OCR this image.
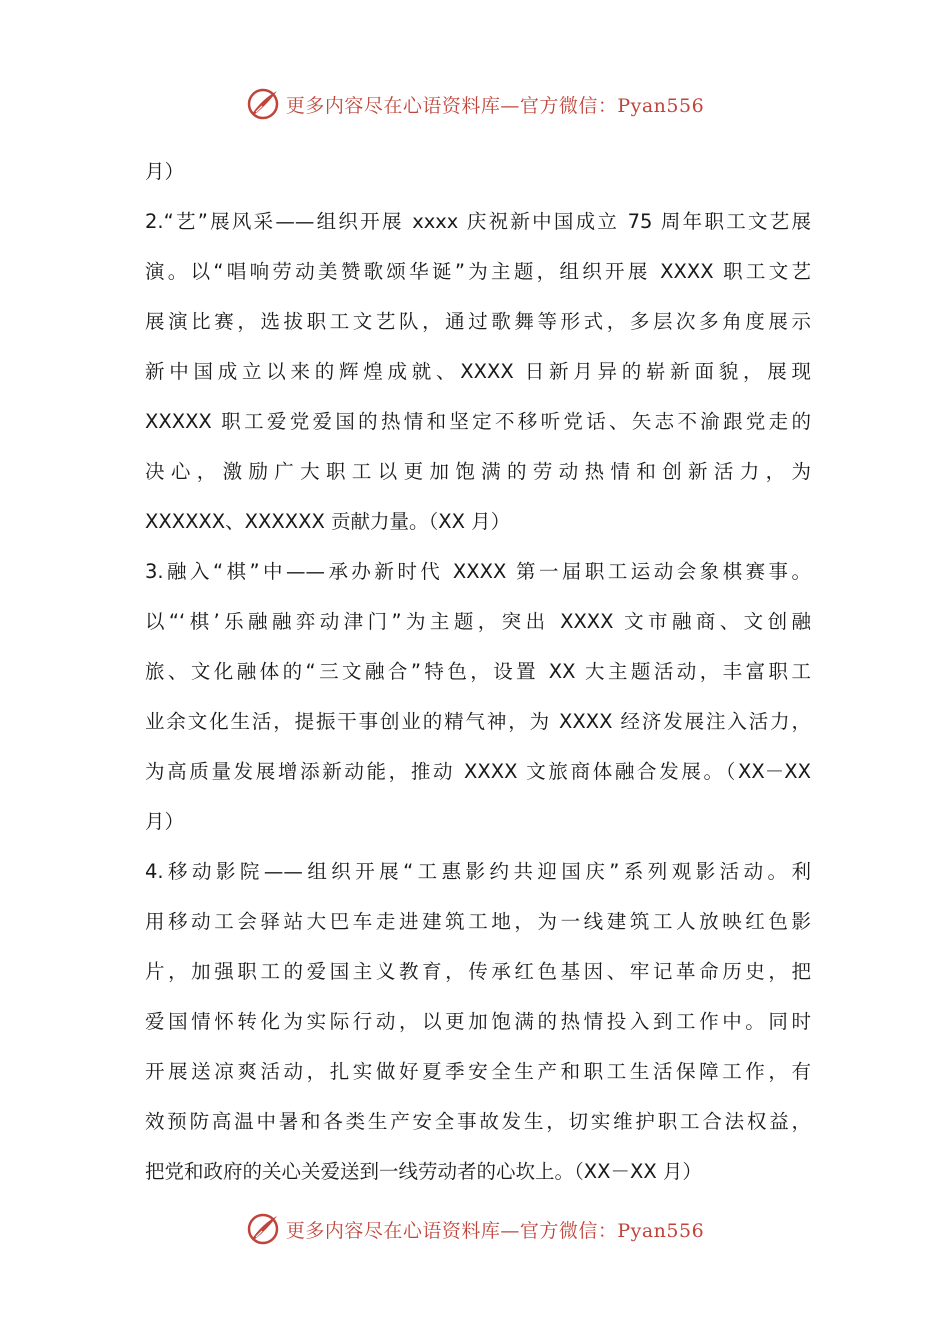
更多内容尽在心语资料库—官方微信：Pyan556
月）
2.“艺”展风采——组织开展 xxxx 庆祝新中国成立 75 周年职工文艺展
演。以“唱响劳动美赞歌颂华诞”为主题，组织开展 XXXX 职工文艺
展演比赛，选拔职工文艺队，通过歌舞等形式，多层次多角度展示
新中国成立以来的辉煌成就、XXXX 日新月异的崭新面貌，展现
XXXXX 职工爱党爱国的热情和坚定不移听党话、矢志不渝跟党走的
决心，激励广大职工以更加饱满的劳动热情和创新活力，为
XXXXXX、XXXXXX 贡献力量。（XX 月）
3.融入“棋”中——承办新时代 XXXX 第一届职工运动会象棋赛事。
以“‘棋’乐融融弈动津门”为主题，突出 XXXX 文市融商、文创融
旅、文化融体的“三文融合”特色，设置 XX 大主题活动，丰富职工
业余文化生活，提振干事创业的精气神，为 XXXX 经济发展注入活力，
为高质量发展增添新动能，推动 XXXX 文旅商体融合发展。（XX－XX
月）
4.移动影院——组织开展“工惠影约共迎国庆”系列观影活动。利
用移动工会驿站大巴车走进建筑工地，为一线建筑工人放映红色影
片，加强职工的爱国主义教育，传承红色基因、牢记革命历史，把
爱国情怀转化为实际行动，以更加饱满的热情投入到工作中。同时
开展送凉爽活动，扎实做好夏季安全生产和职工生活保障工作，有
效预防高温中暑和各类生产安全事故发生，切实维护职工合法权益，
把党和政府的关心关爱送到一线劳动者的心坎上。（XX－XX 月）
更多内容尽在心语资料库—官方微信：Pyan556
